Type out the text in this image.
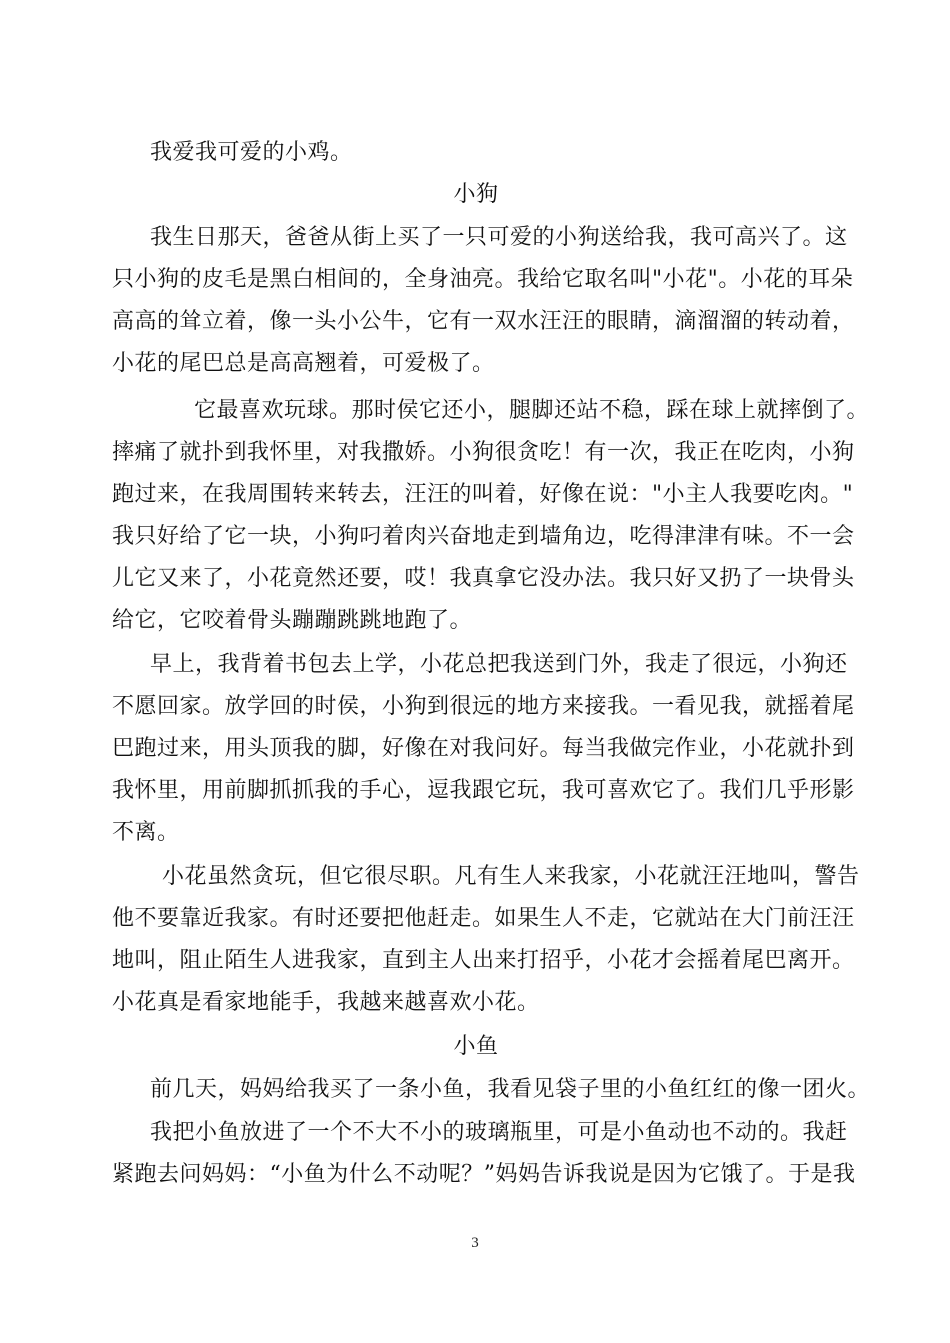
我爱我可爱的小鸡。
小狗
我生日那天，爸爸从街上买了一只可爱的小狗送给我，我可高兴了。这
只小狗的皮毛是黑白相间的，全身油亮。我给它取名叫"小花"。小花的耳朵
高高的耸立着，像一头小公牛，它有一双水汪汪的眼睛，滴溜溜的转动着，
小花的尾巴总是高高翘着，可爱极了。
它最喜欢玩球。那时侯它还小，腿脚还站不稳，踩在球上就摔倒了。
摔痛了就扑到我怀里，对我撒娇。小狗很贪吃！有一次，我正在吃肉，小狗
跑过来，在我周围转来转去，汪汪的叫着，好像在说："小主人我要吃肉。"
我只好给了它一块，小狗叼着肉兴奋地走到墙角边，吃得津津有味。不一会
儿它又来了，小花竟然还要，哎！我真拿它没办法。我只好又扔了一块骨头
给它，它咬着骨头蹦蹦跳跳地跑了。
早上，我背着书包去上学，小花总把我送到门外，我走了很远，小狗还
不愿回家。放学回的时侯，小狗到很远的地方来接我。一看见我，就摇着尾
巴跑过来，用头顶我的脚，好像在对我问好。每当我做完作业，小花就扑到
我怀里，用前脚抓抓我的手心，逗我跟它玩，我可喜欢它了。我们几乎形影
不离。
小花虽然贪玩，但它很尽职。凡有生人来我家，小花就汪汪地叫，警告
他不要靠近我家。有时还要把他赶走。如果生人不走，它就站在大门前汪汪
地叫，阻止陌生人进我家，直到主人出来打招乎，小花才会摇着尾巴离开。
小花真是看家地能手，我越来越喜欢小花。
小鱼
前几天，妈妈给我买了一条小鱼，我看见袋子里的小鱼红红的像一团火。
我把小鱼放进了一个不大不小的玻璃瓶里，可是小鱼动也不动的。我赶
紧跑去问妈妈：“小鱼为什么不动呢？”妈妈告诉我说是因为它饿了。于是我
3
